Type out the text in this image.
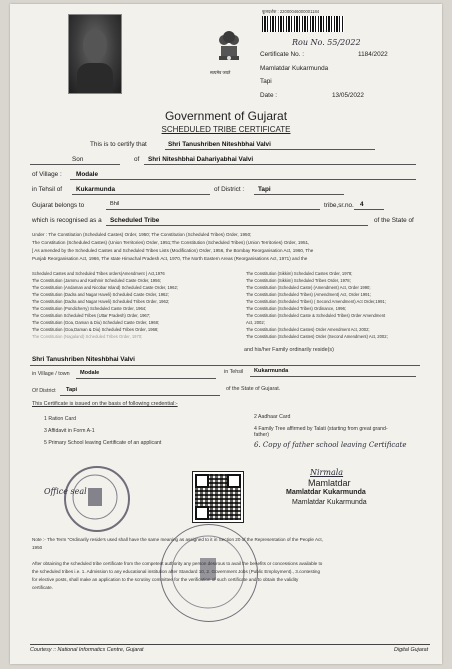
सत्यमेव जयते
कूलदर्शक : 22000046000001184
Rou No. 55/2022
Certificate No. :	1184/2022
Mamlatdar Kukarmunda
Tapi
Date :	13/05/2022
Government of Gujarat
SCHEDULED TRIBE CERTIFICATE
This is to certify that	Shri Tanushriben Niteshbhai Valvi
Son	of Shri Niteshbhai Dahariyabhai Valvi
of Village : Modale
in Tehsil of Kukarmunda	of District : Tapi
Gujarat belongs to	Bhil	tribe,sr.no. 4
which is recognised as a Scheduled Tribe	of the State of
Under : The Constitution (Scheduled Castes) Order, 1950; The Constitution (Scheduled Tribes) Order, 1950;
The Constitution (Scheduled Castes) (Union Territories) Order, 1951;The Constitution (Scheduled Tribes) (Union Territories) Order, 1951,
[ As amended by the Scheduled Castes and Scheduled Tribes Lists (Modification) Order, 1956, the Bombay Reorganisation Act, 1960, The
Punjab Reorganisation Act, 1966, The state Himachal Pradesh Act, 1970, The North Eastern Areas (Reorganisations Act, 1971) and the
Scheduled Castes and Scheduled Tribes orders(Amendment ) Act,1976
The Constitution (Jammu and Kashmir Scheduled Caste Order, 1956;
The Constitution (Andaman and Nicobar Island) Scheduled Caste Order, 1962;
The Constitution (Dadra and Nagar Haveli) Scheduled Caste Order, 1962;
The Constitution (Dadra and Nagar Haveli) Scheduled Tribes Order, 1962;
The Constitution (Pondicherry) Scheduled Caste Order, 1964;
The Constitution Scheduled Tribes (Uttar Pradesh) Order, 1967;
The Constitution (Goa, Daman & Diu) Scheduled Caste Order, 1968;
The Constitution (Goa,Daman & Diu) Scheduled Tribes Order, 1968;
The Constitution (Nagaland) Scheduled Tribes Order, 1970;
The Constitution (Sikkim) Scheduled Castes Order, 1978;
The Constitution (Sikkim) Scheduled Tribes Order, 1978;
The Constitution (Scheduled Caste) (Amendment) Act, Order 1990;
The Constitution (Scheduled Tribes) (Amendment) Act, Order 1991;
The Constitution (Scheduled Tribes) ( Second Amendment) Act Order,1991;
The Constitution (Scheduled Tribes) Ordinance, 1996;
The Constitution (Scheduled Caste & Scheduled Tribes) Order Amendment
Act, 2002;
The Constitution (Scheduled Castes) Order Amendment Act, 2002;
The Constitution (Scheduled Castes) Order (Second Amendment) Act, 2002;
and his/her Family ordinarily reside(s)
Shri Tanushriben Niteshbhai Valvi
in Village / town Modale	in Tehsil Kukarmunda
Of District Tapi	of the State of Gujarat.
This Certificate is issued on the basis of following credential:-
1 Ration Card
3 Affidavit in Form A-1
5 Primary School leaving Certificate of an applicant
2 Aadhaar Card
4 Family Tree affirmed by Talati (starting from great grand-
father)
6. Copy of father school leaving Certificate
Office seal
Nirmala
Mamlatdar
Mamlatdar Kukarmunda
Mamlatdar Kukarmunda
Note :- The Term "Ordinarily reside's used shall have the same meaning as assigned to it in Section 20 of the Representation of the People Act,
1950
After obtaining the scheduled tribe certificate from the competent authority any person desirous to avail the benefits or concessions available to
the scheduled tribes i.e. 1. Admission to any educational institution after Standard 10, 2. Government Jobs (Public Employment)., 3.contesting
for elective posts, shall make an application to the scrutiny committee for the verification of such certificate and to obtain the validity
certificate.
Courtesy :: National Informatics Centre, Gujarat	Digital Gujarat
